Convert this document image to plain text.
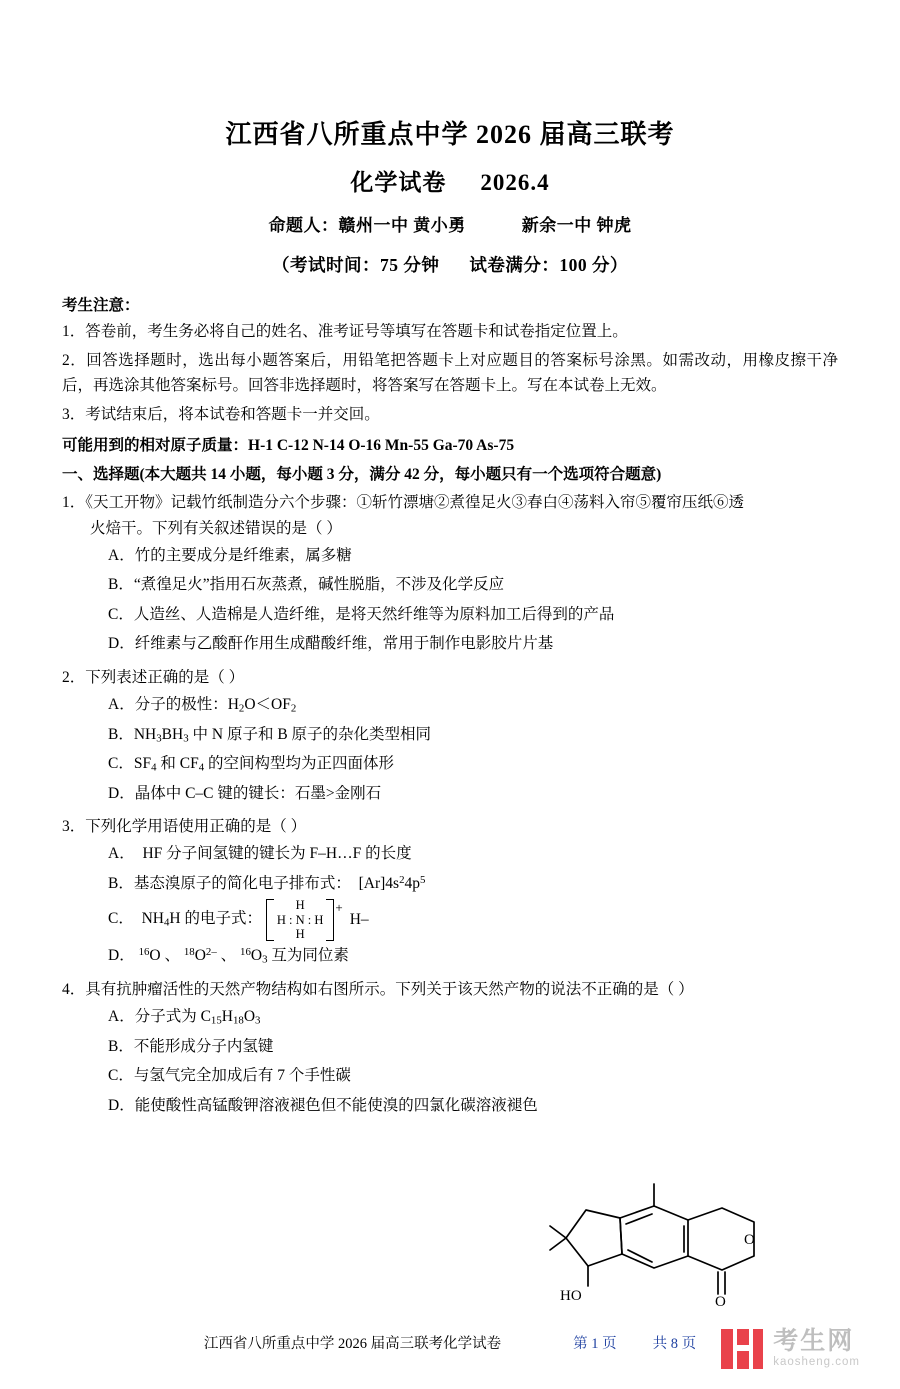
江西省八所重点中学 2026 届高三联考
化学试卷 2026.4
命题人：赣州一中 黄小勇	新余一中 钟虎
（考试时间：75 分钟 试卷满分：100 分）
考生注意：
1．答卷前，考生务必将自己的姓名、准考证号等填写在答题卡和试卷指定位置上。
2．回答选择题时，选出每小题答案后，用铅笔把答题卡上对应题目的答案标号涂黑。如需改动，用橡皮擦干净后，再选涂其他答案标号。回答非选择题时，将答案写在答题卡上。写在本试卷上无效。
3．考试结束后，将本试卷和答题卡一并交回。
可能用到的相对原子质量：H-1 C-12 N-14 O-16 Mn-55 Ga-70 As-75
一、选择题(本大题共 14 小题，每小题 3 分，满分 42 分，每小题只有一个选项符合题意)
1．《天工开物》记载竹纸制造分六个步骤：①斩竹漂塘②煮徨足火③春白④荡料入帘⑤覆帘压纸⑥透
火焙干。下列有关叙述错误的是（ ）
A．竹的主要成分是纤维素，属多糖
B．“煮徨足火”指用石灰蒸煮，碱性脱脂，不涉及化学反应
C．人造丝、人造棉是人造纤维，是将天然纤维等为原料加工后得到的产品
D．纤维素与乙酸酐作用生成醋酸纤维，常用于制作电影胶片片基
2．下列表述正确的是（ ）
A．分子的极性：$H_2O<OF_2$
B．$NH_3BH_3$ 中 N 原子和 B 原子的杂化类型相同
C．$SF_4$ 和 $CF_4$ 的空间构型均为正四面体形
D．晶体中 C–C 键的键长：石墨>金刚石
3．下列化学用语使用正确的是（ ）
A．  HF 分子间氢键的键长为 F–H…F 的长度
B．基态溴原子的简化电子排布式：  $[Ar]4s^24p^5$
C．  $NH_4H$ 的电子式：
H
H : N : H
H
+
H–
D． $^{16}$O 、 $^{18}O^{2-}$ 、 $^{16}O_3$ 互为同位素
4．具有抗肿瘤活性的天然产物结构如右图所示。下列关于该天然产物的说法不正确的是（ ）
A．分子式为 $C_{15}H_{18}O_3$
B．不能形成分子内氢键
C．与氢气完全加成后有 7 个手性碳
D．能使酸性高锰酸钾溶液褪色但不能使溴的四氯化碳溶液褪色
O
O
HO
江西省八所重点中学 2026 届高三联考化学试卷	第 1 页 共 8 页	考生网
kaosheng.com
